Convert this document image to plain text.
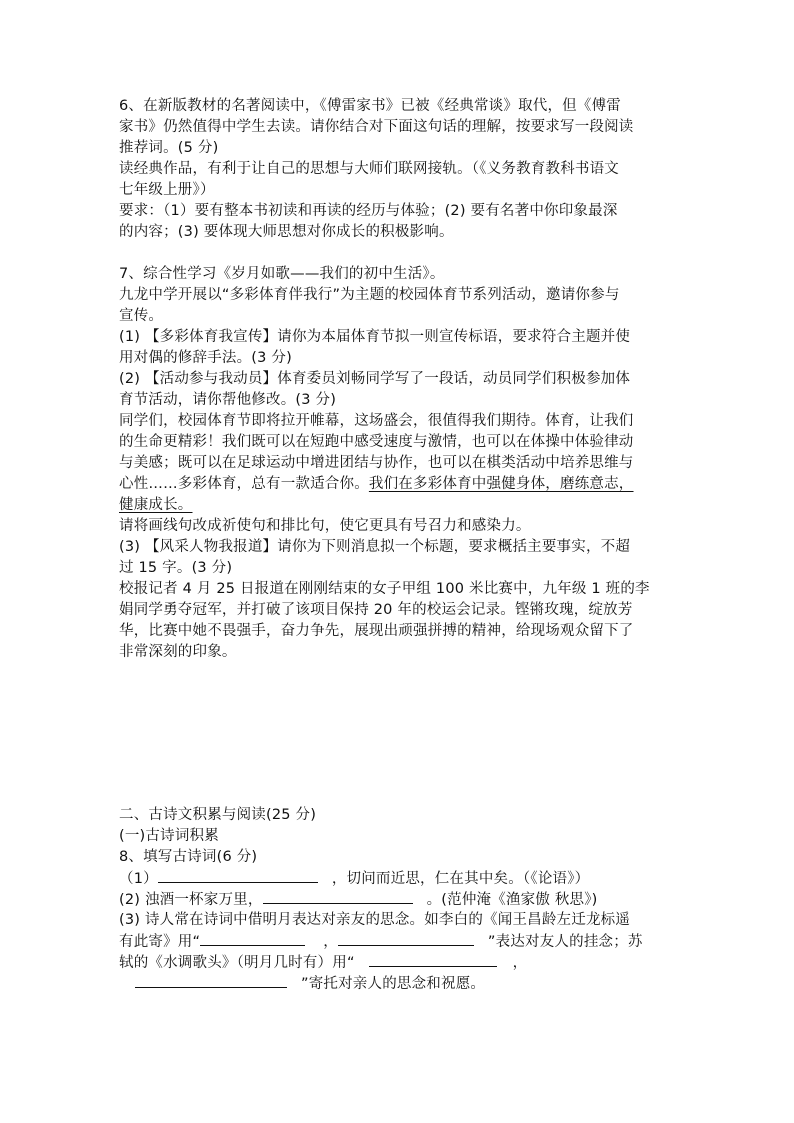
6、在新版教材的名著阅读中，《傅雷家书》已被《经典常谈》取代，但《傅雷
家书》仍然值得中学生去读。请你结合对下面这句话的理解，按要求写一段阅读
推荐词。(5 分)
读经典作品，有利于让自己的思想与大师们联网接轨。（《义务教育教科书语文
七年级上册》）
要求：（1）要有整本书初读和再读的经历与体验；(2) 要有名著中你印象最深
的内容；(3) 要体现大师思想对你成长的积极影响。
7、综合性学习《岁月如歌——我们的初中生活》。
九龙中学开展以“多彩体育伴我行”为主题的校园体育节系列活动，邀请你参与
宣传。
(1) 【多彩体育我宣传】请你为本届体育节拟一则宣传标语，要求符合主题并使
用对偶的修辞手法。(3 分)
(2) 【活动参与我动员】体育委员刘畅同学写了一段话，动员同学们积极参加体
育节活动，请你帮他修改。(3 分)
同学们，校园体育节即将拉开帷幕，这场盛会，很值得我们期待。体育，让我们
的生命更精彩！我们既可以在短跑中感受速度与激情，也可以在体操中体验律动
与美感；既可以在足球运动中增进团结与协作，也可以在棋类活动中培养思维与
心性……多彩体育，总有一款适合你。我们在多彩体育中强健身体，磨练意志，
健康成长。
请将画线句改成祈使句和排比句，使它更具有号召力和感染力。
(3) 【风采人物我报道】请你为下则消息拟一个标题，要求概括主要事实，不超
过 15 字。(3 分)
校报记者 4 月 25 日报道在刚刚结束的女子甲组 100 米比赛中，九年级 1 班的李
娟同学勇夺冠军，并打破了该项目保持 20 年的校运会记录。铿锵玫瑰，绽放芳
华，比赛中她不畏强手，奋力争先，展现出顽强拼搏的精神，给现场观众留下了
非常深刻的印象。
二、古诗文积累与阅读(25 分)
(一)古诗词积累
8、填写古诗词(6 分)
（1）	，切问而近思，仁在其中矣。（《论语》）
(2) 浊酒一杯家万里，	。(范仲淹《渔家傲 秋思》)
(3) 诗人常在诗词中借明月表达对亲友的思念。如李白的《闻王昌龄左迁龙标遥
有此寄》用“	，	”表达对友人的挂念；苏
轼的《水调歌头》（明月几时有）用“	，
”寄托对亲人的思念和祝愿。
